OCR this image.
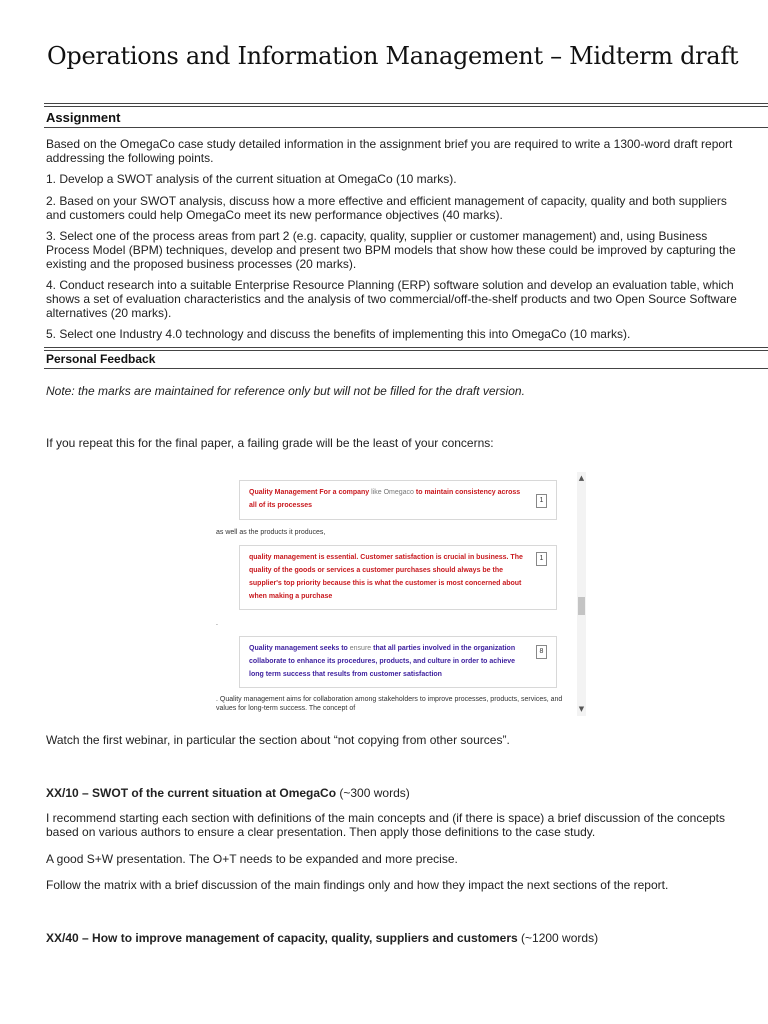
Operations and Information Management – Midterm draft
Assignment
Based on the OmegaCo case study detailed information in the assignment brief you are required to write a 1300-word draft report addressing the following points.
1. Develop a SWOT analysis of the current situation at OmegaCo (10 marks).
2. Based on your SWOT analysis, discuss how a more effective and efficient management of capacity, quality and both suppliers and customers could help OmegaCo meet its new performance objectives (40 marks).
3. Select one of the process areas from part 2 (e.g. capacity, quality, supplier or customer management) and, using Business Process Model (BPM) techniques, develop and present two BPM models that show how these could be improved by capturing the existing and the proposed business processes (20 marks).
4. Conduct research into a suitable Enterprise Resource Planning (ERP) software solution and develop an evaluation table, which shows a set of evaluation characteristics and the analysis of two commercial/off-the-shelf products and two Open Source Software alternatives (20 marks).
5. Select one Industry 4.0 technology and discuss the benefits of implementing this into OmegaCo (10 marks).
Personal Feedback
Note: the marks are maintained for reference only but will not be filled for the draft version.
If you repeat this for the final paper, a failing grade will be the least of your concerns:
Quality Management For a company like Omegaco to maintain consistency across all of its processes
1
as well as the products it produces,
quality management is essential. Customer satisfaction is crucial in business. The quality of the goods or services a customer purchases should always be the supplier's top priority because this is what the customer is most concerned about when making a purchase
1
.
Quality management seeks to ensure that all parties involved in the organization collaborate to enhance its procedures, products, and culture in order to achieve long term success that results from customer satisfaction
8
. Quality management aims for collaboration among stakeholders to improve processes, products, services, and values for long-term success. The concept of
▲
▼
Watch the first webinar, in particular the section about “not copying from other sources”.
XX/10 – SWOT of the current situation at OmegaCo (~300 words)
I recommend starting each section with definitions of the main concepts and (if there is space) a brief discussion of the concepts based on various authors to ensure a clear presentation. Then apply those definitions to the case study.
A good S+W presentation. The O+T needs to be expanded and more precise.
Follow the matrix with a brief discussion of the main findings only and how they impact the next sections of the report.
XX/40 – How to improve management of capacity, quality, suppliers and customers (~1200 words)
